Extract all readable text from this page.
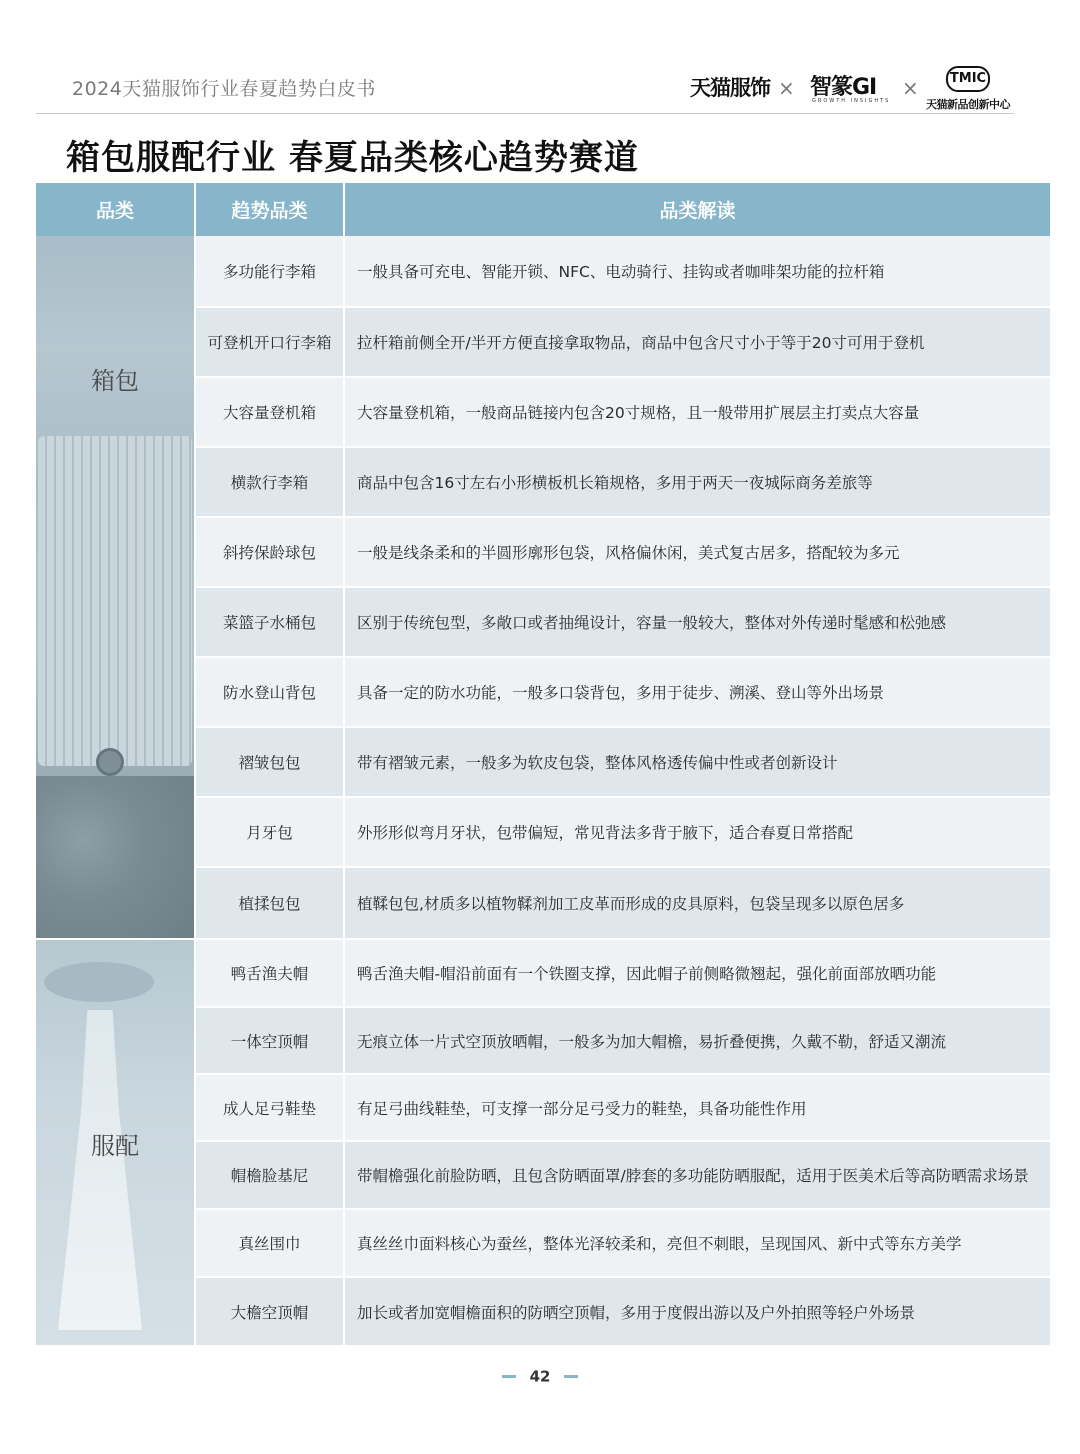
2024天猫服饰行业春夏趋势白皮书	天猫服饰 × 智篆GI
GROWTH INSIGHTS
×	TMIC
天猫新品创新中心
箱包服配行业 春夏品类核心趋势赛道
品类	趋势品类	品类解读
箱包
服配
多功能行李箱	一般具备可充电、智能开锁、NFC、电动骑行、挂钩或者咖啡架功能的拉杆箱
可登机开口行李箱	拉杆箱前侧全开/半开方便直接拿取物品，商品中包含尺寸小于等于20寸可用于登机
大容量登机箱	大容量登机箱，一般商品链接内包含20寸规格，且一般带用扩展层主打卖点大容量
横款行李箱	商品中包含16寸左右小形横板机长箱规格，多用于两天一夜城际商务差旅等
斜挎保龄球包	一般是线条柔和的半圆形廓形包袋，风格偏休闲，美式复古居多，搭配较为多元
菜篮子水桶包	区别于传统包型，多敞口或者抽绳设计，容量一般较大，整体对外传递时髦感和松弛感
防水登山背包	具备一定的防水功能，一般多口袋背包，多用于徒步、溯溪、登山等外出场景
褶皱包包	带有褶皱元素，一般多为软皮包袋，整体风格透传偏中性或者创新设计
月牙包	外形形似弯月牙状，包带偏短，常见背法多背于腋下，适合春夏日常搭配
植揉包包	植鞣包包,材质多以植物鞣剂加工皮革而形成的皮具原料，包袋呈现多以原色居多
鸭舌渔夫帽	鸭舌渔夫帽-帽沿前面有一个铁圈支撑，因此帽子前侧略微翘起，强化前面部放晒功能
一体空顶帽	无痕立体一片式空顶放晒帽，一般多为加大帽檐，易折叠便携，久戴不勒，舒适又潮流
成人足弓鞋垫	有足弓曲线鞋垫，可支撑一部分足弓受力的鞋垫，具备功能性作用
帽檐脸基尼	带帽檐强化前脸防晒，且包含防晒面罩/脖套的多功能防晒服配，适用于医美术后等高防晒需求场景
真丝围巾	真丝丝巾面料核心为蚕丝，整体光泽较柔和，亮但不刺眼，呈现国风、新中式等东方美学
大檐空顶帽	加长或者加宽帽檐面积的防晒空顶帽，多用于度假出游以及户外拍照等轻户外场景
42
